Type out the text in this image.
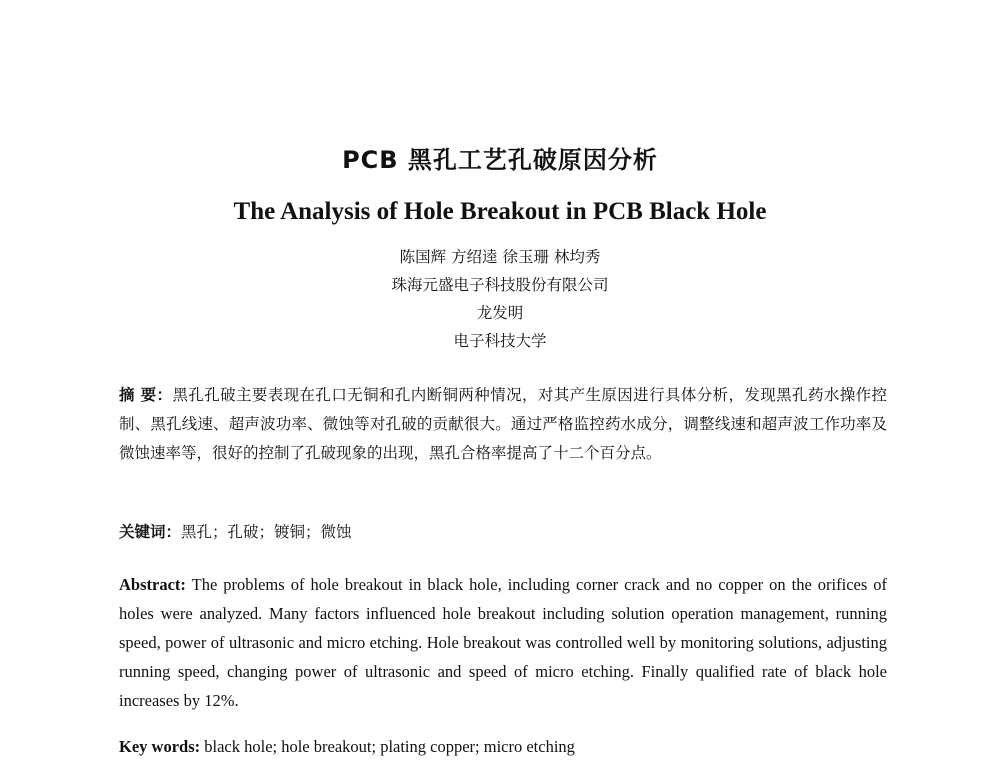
PCB 黑孔工艺孔破原因分析
The Analysis of Hole Breakout in PCB Black Hole
陈国辉 方绍逵 徐玉珊 林均秀
珠海元盛电子科技股份有限公司
龙发明
电子科技大学

摘 要：黑孔孔破主要表现在孔口无铜和孔内断铜两种情况，对其产生原因进行具体分析，发现黑孔药水操作控制、黑孔线速、超声波功率、微蚀等对孔破的贡献很大。通过严格监控药水成分，调整线速和超声波工作功率及微蚀速率等，很好的控制了孔破现象的出现，黑孔合格率提高了十二个百分点。

关键词：黑孔；孔破；镀铜；微蚀

Abstract: The problems of hole breakout in black hole, including corner crack and no copper on the orifices of holes were analyzed. Many factors influenced hole breakout including solution operation management, running speed, power of ultrasonic and micro etching. Hole breakout was controlled well by monitoring solutions, adjusting running speed, changing power of ultrasonic and speed of micro etching. Finally qualified rate of black hole increases by 12%.

Key words: black hole; hole breakout; plating copper; micro etching
